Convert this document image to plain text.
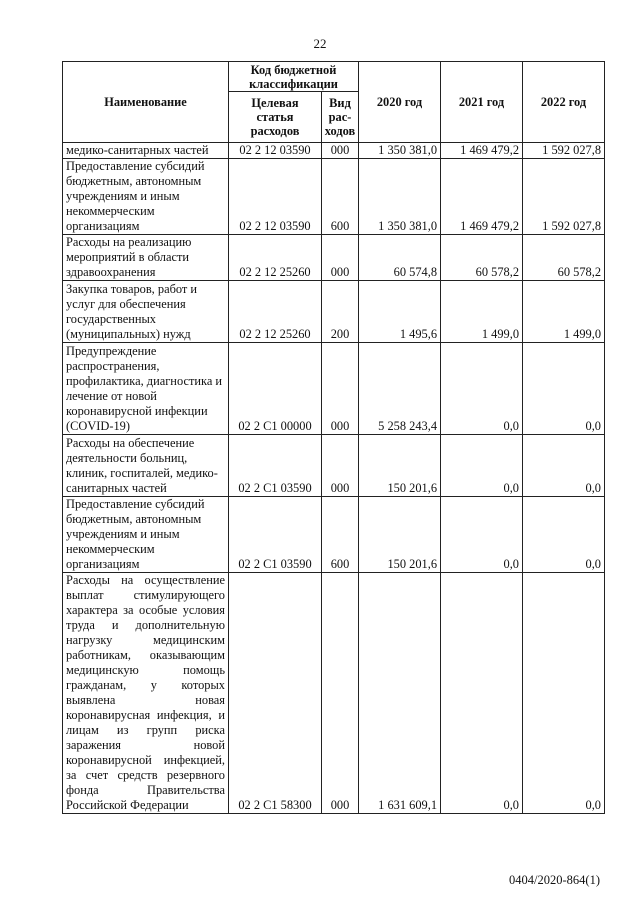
22
Наименование	Код бюджетной классификации		2020 год	2021 год	2022 год
	Целевая статья расходов	Вид рас-ходов			
медико-санитарных частей	02 2 12 03590	000	1 350 381,0	1 469 479,2	1 592 027,8
Предоставление субсидий бюджетным, автономным учреждениям и иным некоммерческим организациям	02 2 12 03590	600	1 350 381,0	1 469 479,2	1 592 027,8
Расходы на реализацию мероприятий в области здравоохранения	02 2 12 25260	000	60 574,8	60 578,2	60 578,2
Закупка товаров, работ и услуг для обеспечения государственных (муниципальных) нужд	02 2 12 25260	200	1 495,6	1 499,0	1 499,0
Предупреждение распространения, профилактика, диагностика и лечение от новой коронавирусной инфекции (COVID-19)	02 2 С1 00000	000	5 258 243,4	0,0	0,0
Расходы на обеспечение деятельности больниц, клиник, госпиталей, медико-санитарных частей	02 2 С1 03590	000	150 201,6	0,0	0,0
Предоставление субсидий бюджетным, автономным учреждениям и иным некоммерческим организациям	02 2 С1 03590	600	150 201,6	0,0	0,0
Расходы на осуществление выплат стимулирующего характера за особые условия труда и дополнительную нагрузку медицинским работникам, оказывающим медицинскую помощь гражданам, у которых выявлена новая коронавирусная инфекция, и лицам из групп риска заражения новой коронавирусной инфекцией, за счет средств резервного фонда Правительства Российской Федерации	02 2 С1 58300	000	1 631 609,1	0,0	0,0
0404/2020-864(1)
